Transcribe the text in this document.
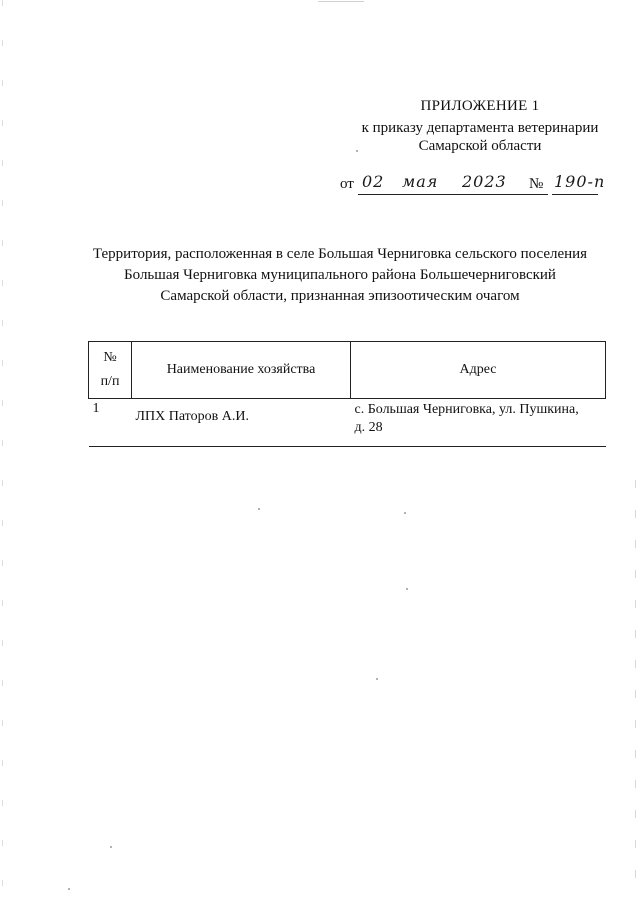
ПРИЛОЖЕНИЕ 1
к приказу департамента ветеринарии
Самарской области
от 02 мая 2023 № 190-п
Территория, расположенная в селе Большая Черниговка сельского поселения
Большая Черниговка муниципального района Большечерниговский
Самарской области, признанная эпизоотическим очагом
№
п/п	Наименование хозяйства	Адрес
1	ЛПХ Паторов А.И.	с. Большая Черниговка, ул. Пушкина,
д. 28
